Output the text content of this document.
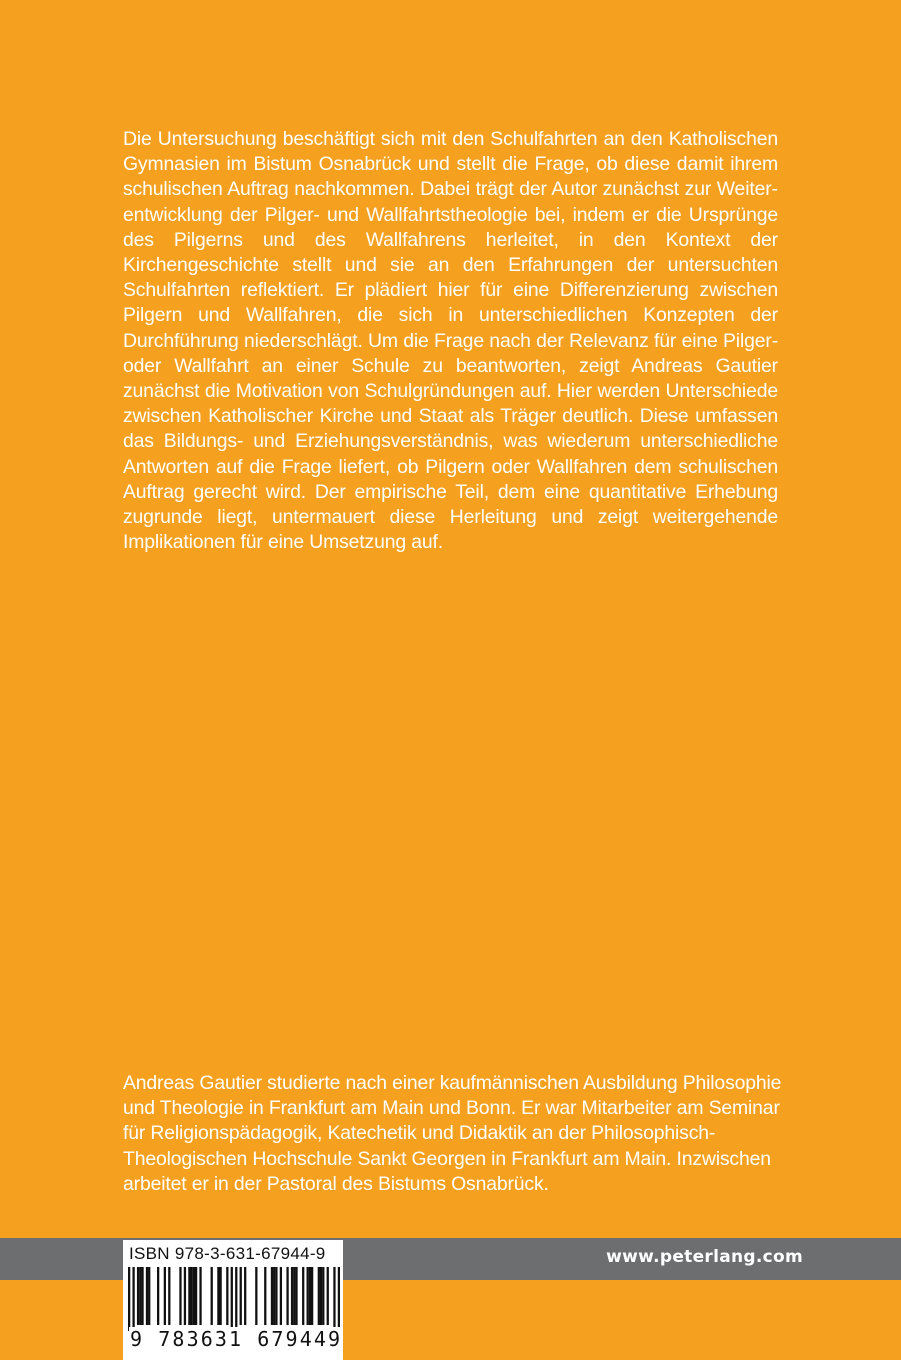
Die Untersuchung beschäftigt sich mit den Schulfahrten an den Katholischen Gymnasien im Bistum Osnabrück und stellt die Frage, ob diese damit ihrem schulischen Auftrag nachkommen. Dabei trägt der Autor zunächst zur Weiterentwicklung der Pilger- und Wallfahrtstheologie bei, indem er die Ursprünge des Pilgerns und des Wallfahrens herleitet, in den Kontext der Kirchengeschichte stellt und sie an den Erfahrungen der untersuchten Schulfahrten reflektiert. Er plädiert hier für eine Differenzierung zwischen Pilgern und Wallfahren, die sich in unterschiedlichen Konzepten der Durchführung niederschlägt. Um die Frage nach der Relevanz für eine Pilger- oder Wallfahrt an einer Schule zu beantworten, zeigt Andreas Gautier zunächst die Motivation von Schulgründungen auf. Hier werden Unterschiede zwischen Katholischer Kirche und Staat als Träger deutlich. Diese umfassen das Bildungs- und Erziehungsverständnis, was wiederum unterschiedliche Antworten auf die Frage liefert, ob Pilgern oder Wallfahren dem schulischen Auftrag gerecht wird. Der empirische Teil, dem eine quantitative Erhebung zugrunde liegt, untermauert diese Herleitung und zeigt weitergehende Implikationen für eine Umsetzung auf.

Andreas Gautier studierte nach einer kaufmännischen Ausbildung Philosophie und Theologie in Frankfurt am Main und Bonn. Er war Mitarbeiter am Seminar für Religionspädagogik, Katechetik und Didaktik an der Philosophisch-Theologischen Hochschule Sankt Georgen in Frankfurt am Main. Inzwischen arbeitet er in der Pastoral des Bistums Osnabrück.

www.peterlang.com
ISBN 978-3-631-67944-9
9 783631 679449
